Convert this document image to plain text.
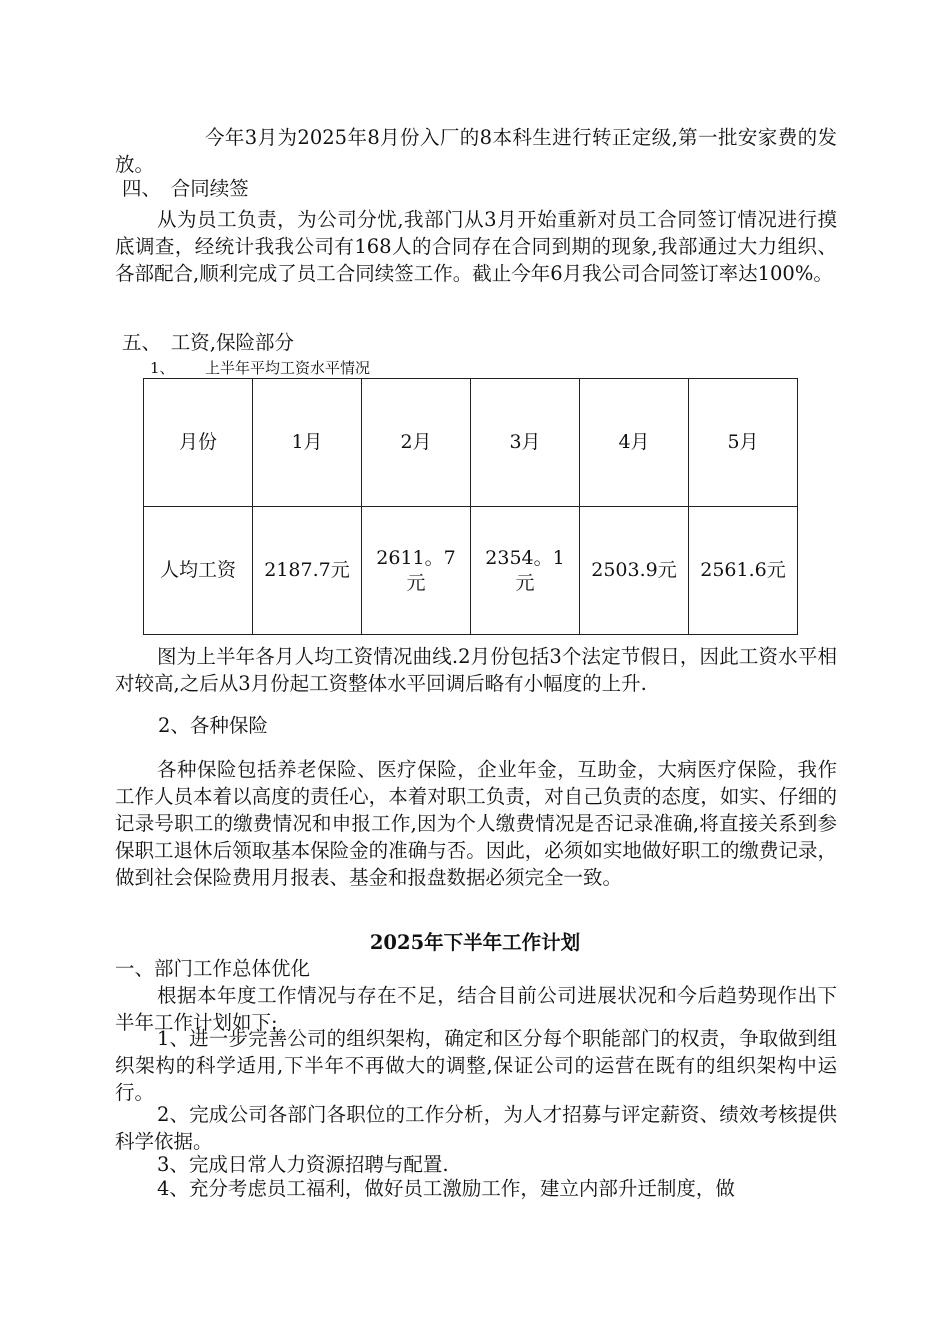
今年3月为2025年8月份入厂的8本科生进行转正定级,第一批安家费的发放。
四、　合同续签
从为员工负责，为公司分忧,我部门从3月开始重新对员工合同签订情况进行摸底调查，经统计我我公司有168人的合同存在合同到期的现象,我部通过大力组织、各部配合,顺利完成了员工合同续签工作。截止今年6月我公司合同签订率达100%。
五、　工资,保险部分
1、 上半年平均工资水平情况
月份	1月	2月	3月	4月	5月
人均工资	2187.7元	2611。7元	2354。1元	2503.9元	2561.6元
图为上半年各月人均工资情况曲线.2月份包括3个法定节假日，因此工资水平相对较高,之后从3月份起工资整体水平回调后略有小幅度的上升.
2、各种保险
各种保险包括养老保险、医疗保险，企业年金，互助金，大病医疗保险，我作工作人员本着以高度的责任心，本着对职工负责，对自己负责的态度，如实、仔细的记录号职工的缴费情况和申报工作,因为个人缴费情况是否记录准确,将直接关系到参保职工退休后领取基本保险金的准确与否。因此，必须如实地做好职工的缴费记录，做到社会保险费用月报表、基金和报盘数据必须完全一致。
2025年下半年工作计划
一、部门工作总体优化
根据本年度工作情况与存在不足，结合目前公司进展状况和今后趋势现作出下半年工作计划如下:
1、进一步完善公司的组织架构，确定和区分每个职能部门的权责，争取做到组织架构的科学适用,下半年不再做大的调整,保证公司的运营在既有的组织架构中运行。
2、完成公司各部门各职位的工作分析，为人才招募与评定薪资、绩效考核提供科学依据。
3、完成日常人力资源招聘与配置.
4、充分考虑员工福利，做好员工激励工作，建立内部升迁制度，做
